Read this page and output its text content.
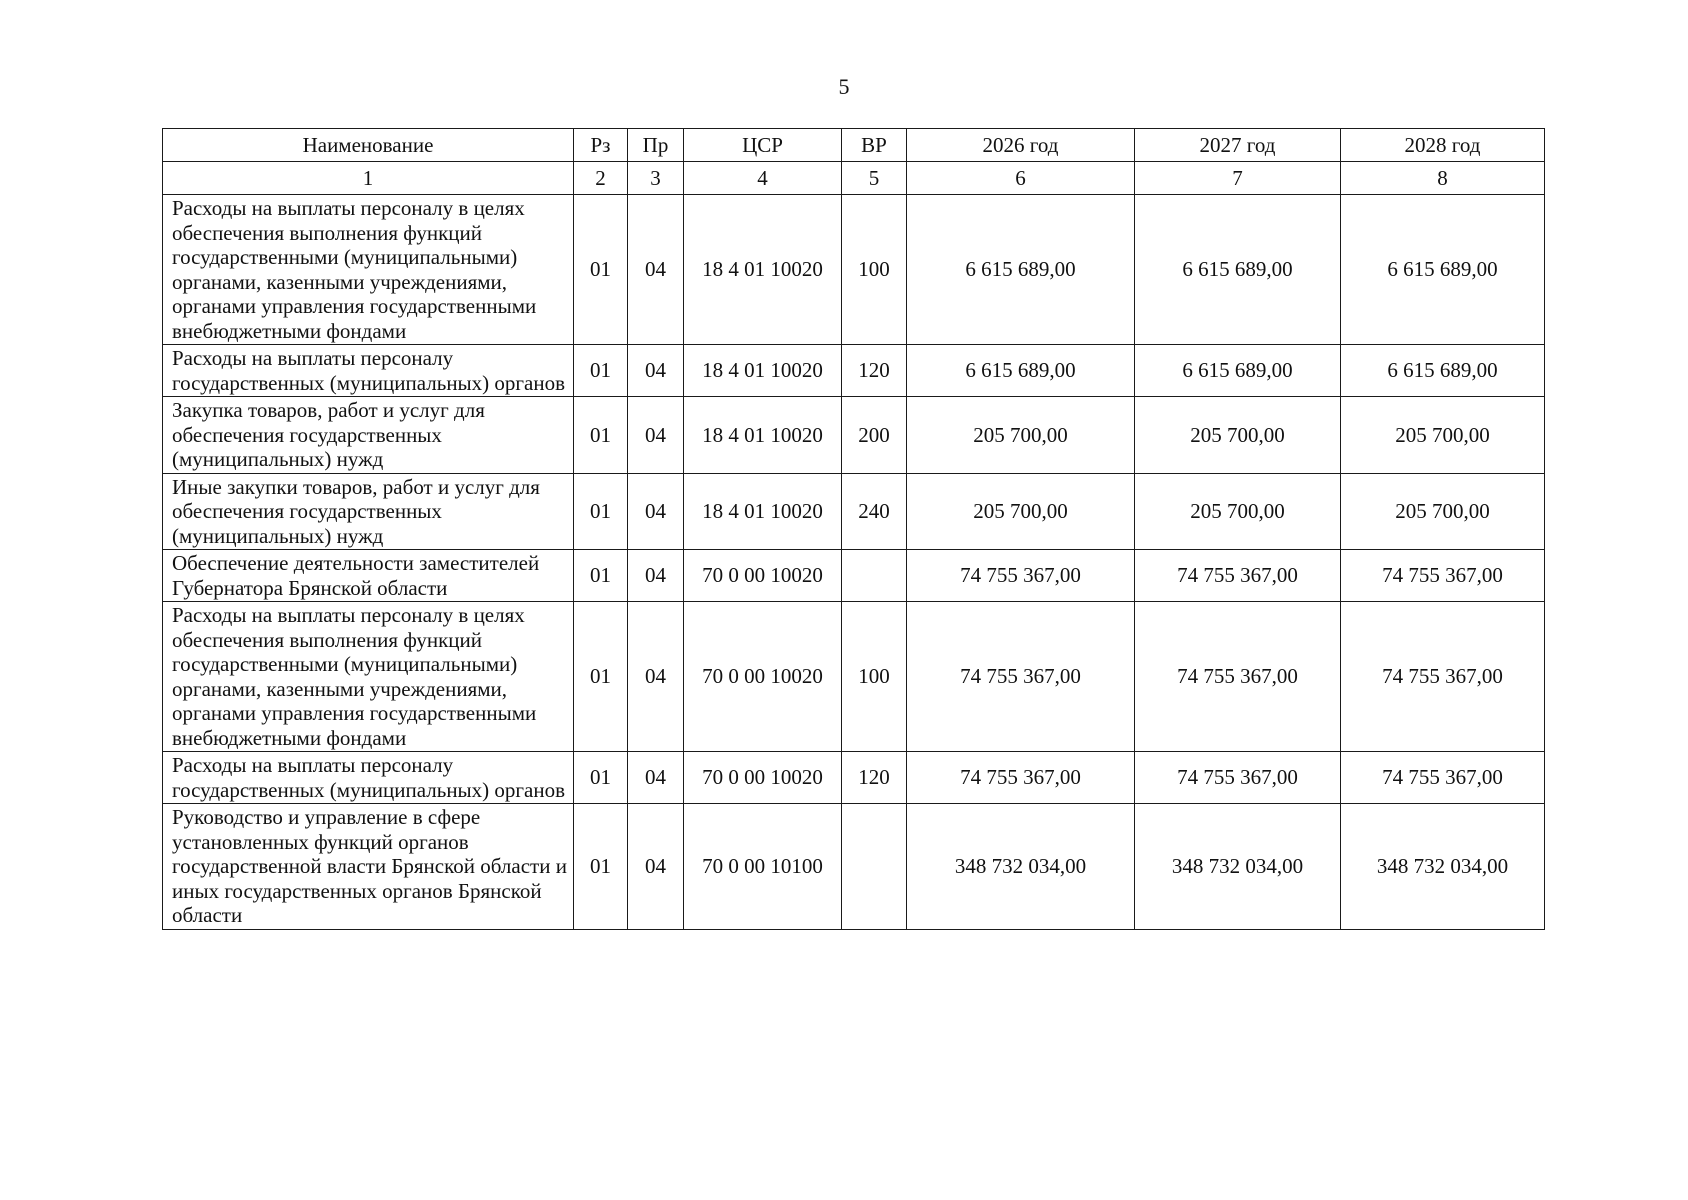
5
Наименование	Рз	Пр	ЦСР	ВР	2026 год	2027 год	2028 год
1	2	3	4	5	6	7	8
Расходы на выплаты персоналу в целях обеспечения выполнения функций государственными (муниципальными) органами, казенными учреждениями, органами управления государственными внебюджетными фондами	01	04	18 4 01 10020	100	6 615 689,00	6 615 689,00	6 615 689,00
Расходы на выплаты персоналу государственных (муниципальных) органов	01	04	18 4 01 10020	120	6 615 689,00	6 615 689,00	6 615 689,00
Закупка товаров, работ и услуг для обеспечения государственных (муниципальных) нужд	01	04	18 4 01 10020	200	205 700,00	205 700,00	205 700,00
Иные закупки товаров, работ и услуг для обеспечения государственных (муниципальных) нужд	01	04	18 4 01 10020	240	205 700,00	205 700,00	205 700,00
Обеспечение деятельности заместителей Губернатора Брянской области	01	04	70 0 00 10020		74 755 367,00	74 755 367,00	74 755 367,00
Расходы на выплаты персоналу в целях обеспечения выполнения функций государственными (муниципальными) органами, казенными учреждениями, органами управления государственными внебюджетными фондами	01	04	70 0 00 10020	100	74 755 367,00	74 755 367,00	74 755 367,00
Расходы на выплаты персоналу государственных (муниципальных) органов	01	04	70 0 00 10020	120	74 755 367,00	74 755 367,00	74 755 367,00
Руководство и управление в сфере установленных функций органов государственной власти Брянской области и иных государственных органов Брянской области	01	04	70 0 00 10100		348 732 034,00	348 732 034,00	348 732 034,00
